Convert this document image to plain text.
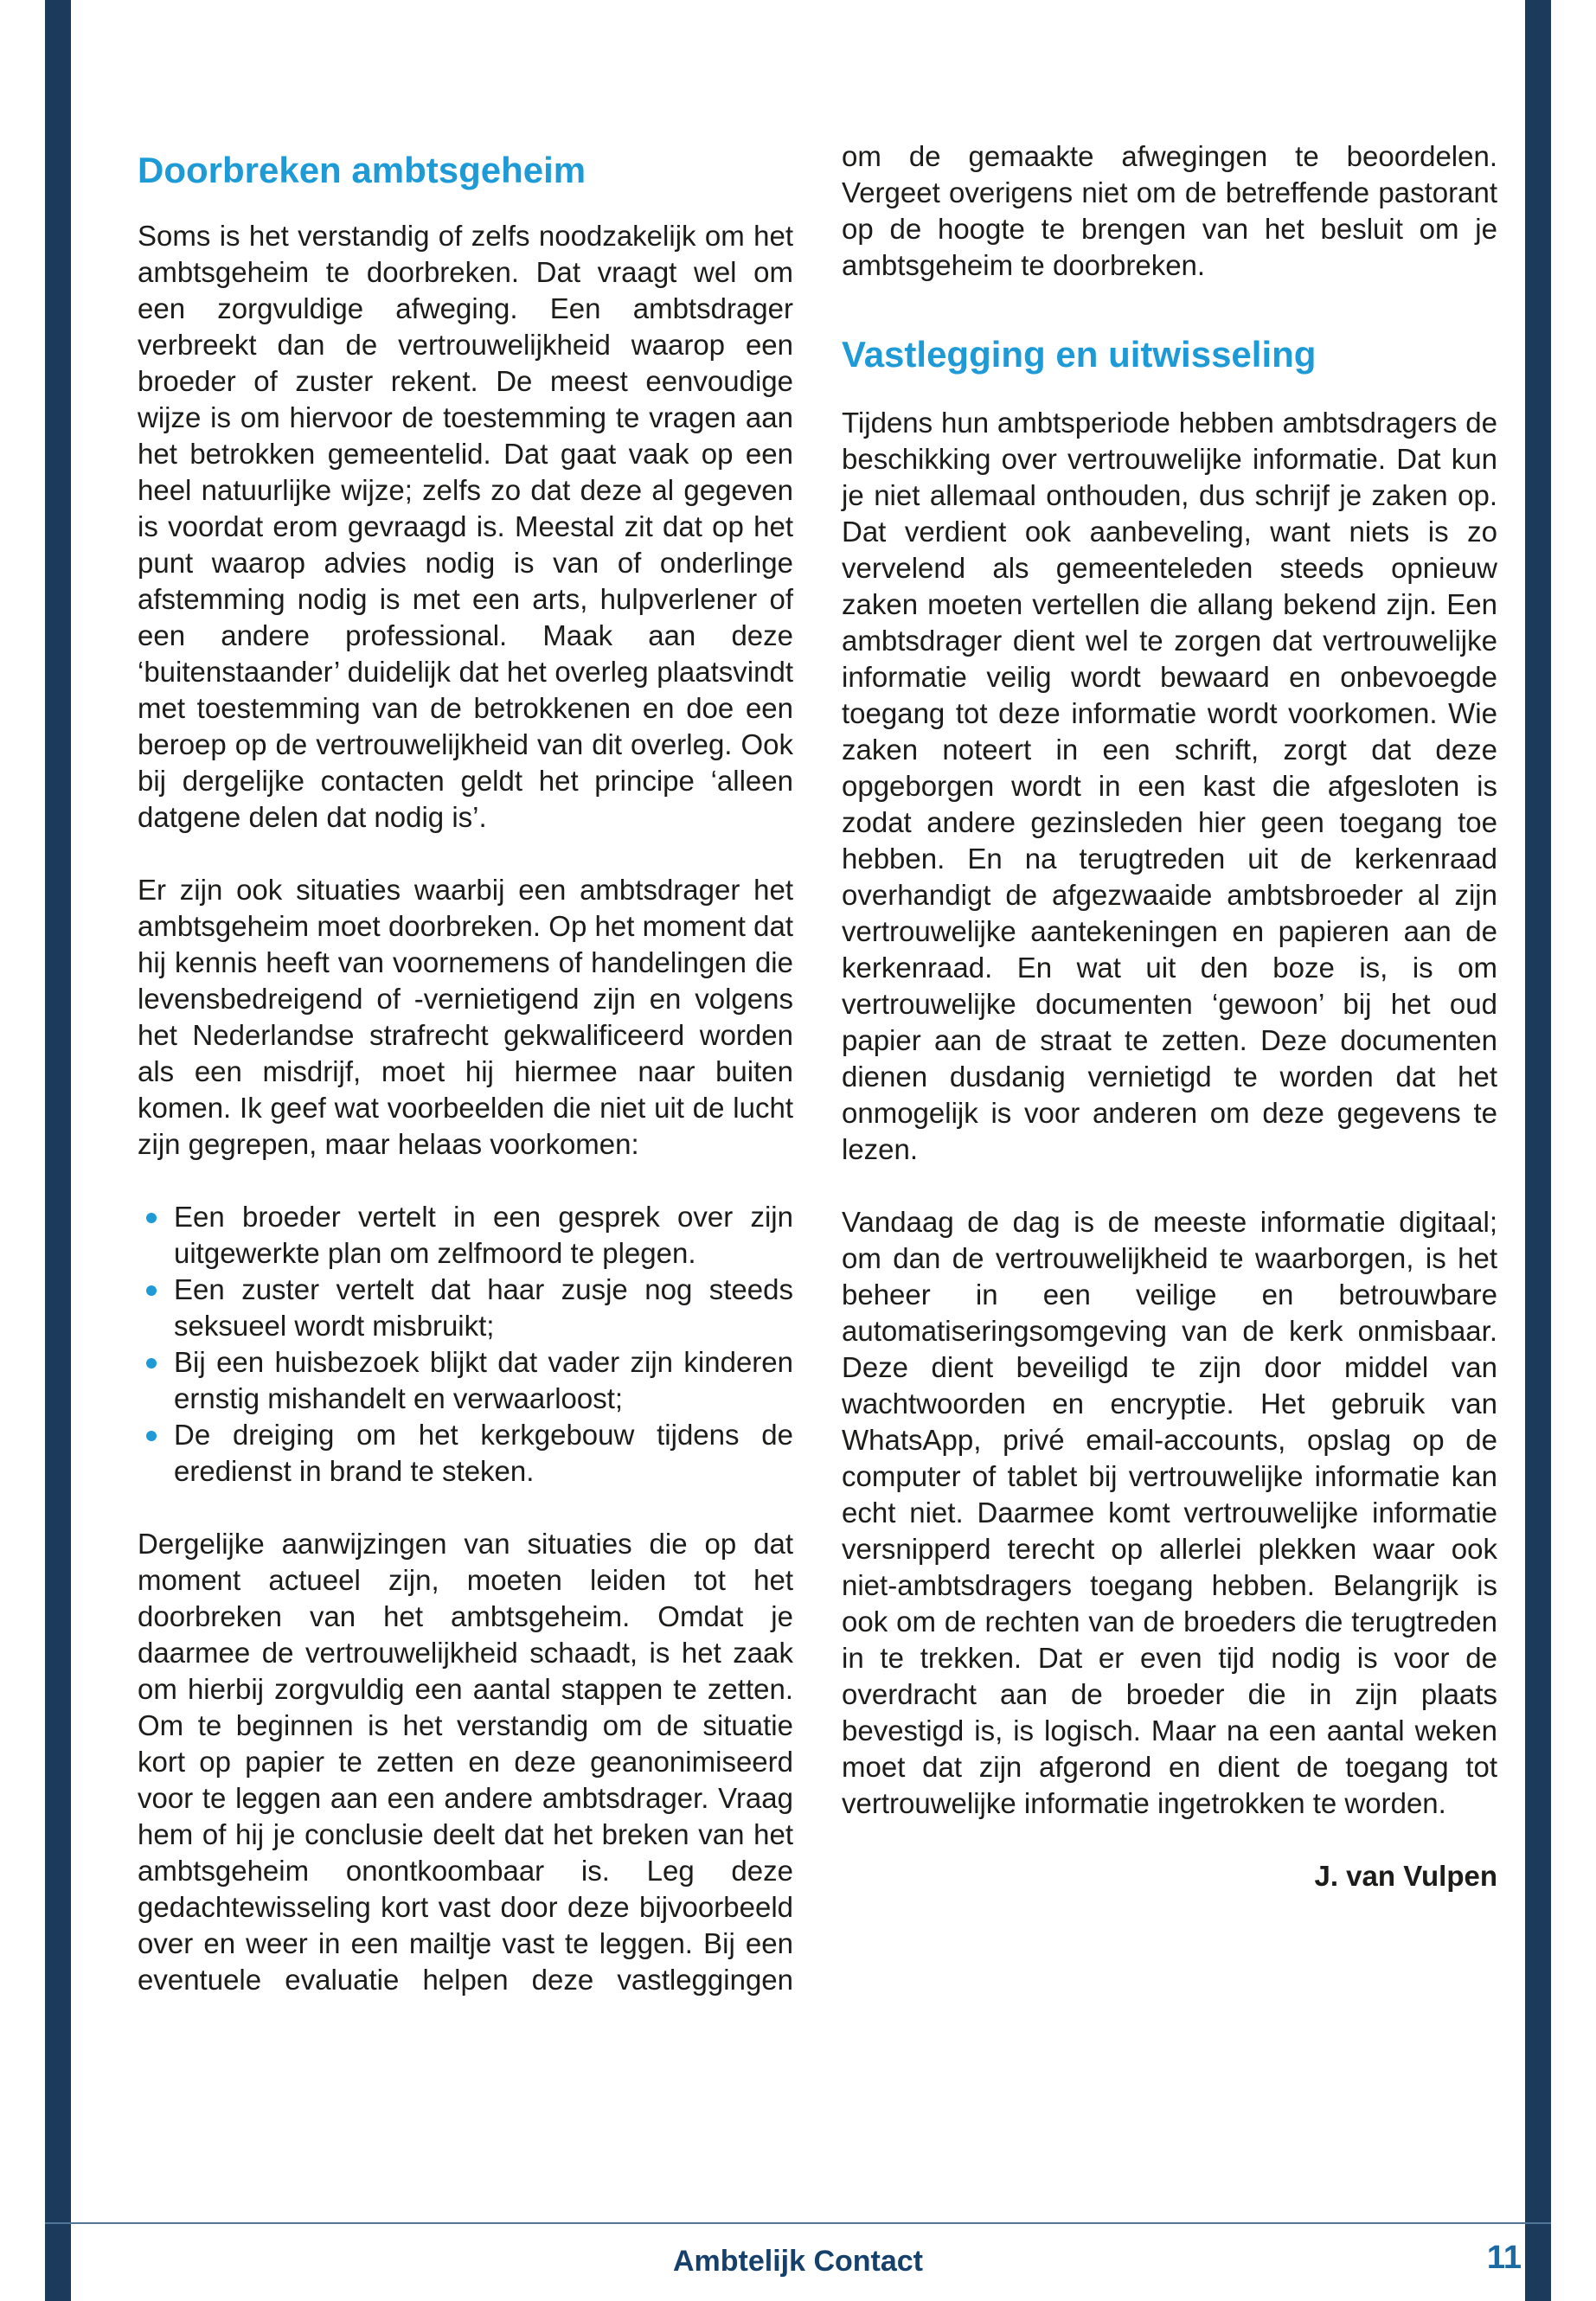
Doorbreken ambtsgeheim

Soms is het verstandig of zelfs noodzakelijk om het ambtsgeheim te doorbreken. Dat vraagt wel om een zorgvuldige afweging. Een ambtsdrager verbreekt dan de vertrouwelijkheid waarop een broeder of zuster rekent. De meest eenvoudige wijze is om hiervoor de toestemming te vragen aan het betrokken gemeentelid. Dat gaat vaak op een heel natuurlijke wijze; zelfs zo dat deze al gegeven is voordat erom gevraagd is. Meestal zit dat op het punt waarop advies nodig is van of onderlinge afstemming nodig is met een arts, hulpverlener of een andere professional. Maak aan deze ‘buitenstaander’ duidelijk dat het overleg plaatsvindt met toestemming van de betrokkenen en doe een beroep op de vertrouwelijkheid van dit overleg. Ook bij dergelijke contacten geldt het principe ‘alleen datgene delen dat nodig is’.

Er zijn ook situaties waarbij een ambtsdrager het ambtsgeheim moet doorbreken. Op het moment dat hij kennis heeft van voornemens of handelingen die levensbedreigend of -vernietigend zijn en volgens het Nederlandse strafrecht gekwalificeerd worden als een misdrijf, moet hij hiermee naar buiten komen. Ik geef wat voorbeelden die niet uit de lucht zijn gegrepen, maar helaas voorkomen:

Een broeder vertelt in een gesprek over zijn uitgewerkte plan om zelfmoord te plegen.
Een zuster vertelt dat haar zusje nog steeds seksueel wordt misbruikt;
Bij een huisbezoek blijkt dat vader zijn kinderen ernstig mishandelt en verwaarloost;
De dreiging om het kerkgebouw tijdens de eredienst in brand te steken.

Dergelijke aanwijzingen van situaties die op dat moment actueel zijn, moeten leiden tot het doorbreken van het ambtsgeheim. Omdat je daarmee de vertrouwelijkheid schaadt, is het zaak om hierbij zorgvuldig een aantal stappen te zetten. Om te beginnen is het verstandig om de situatie kort op papier te zetten en deze geanonimiseerd voor te leggen aan een andere ambtsdrager. Vraag hem of hij je conclusie deelt dat het breken van het ambtsgeheim onontkoombaar is. Leg deze gedachtewisseling kort vast door deze bijvoorbeeld over en weer in een mailtje vast te leggen. Bij een eventuele evaluatie helpen deze vastleggingen

om de gemaakte afwegingen te beoordelen. Vergeet overigens niet om de betreffende pastorant op de hoogte te brengen van het besluit om je ambtsgeheim te doorbreken.

Vastlegging en uitwisseling

Tijdens hun ambtsperiode hebben ambtsdragers de beschikking over vertrouwelijke informatie. Dat kun je niet allemaal onthouden, dus schrijf je zaken op. Dat verdient ook aanbeveling, want niets is zo vervelend als gemeenteleden steeds opnieuw zaken moeten vertellen die allang bekend zijn. Een ambtsdrager dient wel te zorgen dat vertrouwelijke informatie veilig wordt bewaard en onbevoegde toegang tot deze informatie wordt voorkomen. Wie zaken noteert in een schrift, zorgt dat deze opgeborgen wordt in een kast die afgesloten is zodat andere gezinsleden hier geen toegang toe hebben. En na terugtreden uit de kerkenraad overhandigt de afgezwaaide ambtsbroeder al zijn vertrouwelijke aantekeningen en papieren aan de kerkenraad. En wat uit den boze is, is om vertrouwelijke documenten ‘gewoon’ bij het oud papier aan de straat te zetten. Deze documenten dienen dusdanig vernietigd te worden dat het onmogelijk is voor anderen om deze gegevens te lezen.

Vandaag de dag is de meeste informatie digitaal; om dan de vertrouwelijkheid te waarborgen, is het beheer in een veilige en betrouwbare automatiseringsomgeving van de kerk onmisbaar. Deze dient beveiligd te zijn door middel van wachtwoorden en encryptie. Het gebruik van WhatsApp, privé email-accounts, opslag op de computer of tablet bij vertrouwelijke informatie kan echt niet. Daarmee komt vertrouwelijke informatie versnipperd terecht op allerlei plekken waar ook niet-ambtsdragers toegang hebben. Belangrijk is ook om de rechten van de broeders die terugtreden in te trekken. Dat er even tijd nodig is voor de overdracht aan de broeder die in zijn plaats bevestigd is, is logisch. Maar na een aantal weken moet dat zijn afgerond en dient de toegang tot vertrouwelijke informatie ingetrokken te worden.

J. van Vulpen

Ambtelijk Contact	11
